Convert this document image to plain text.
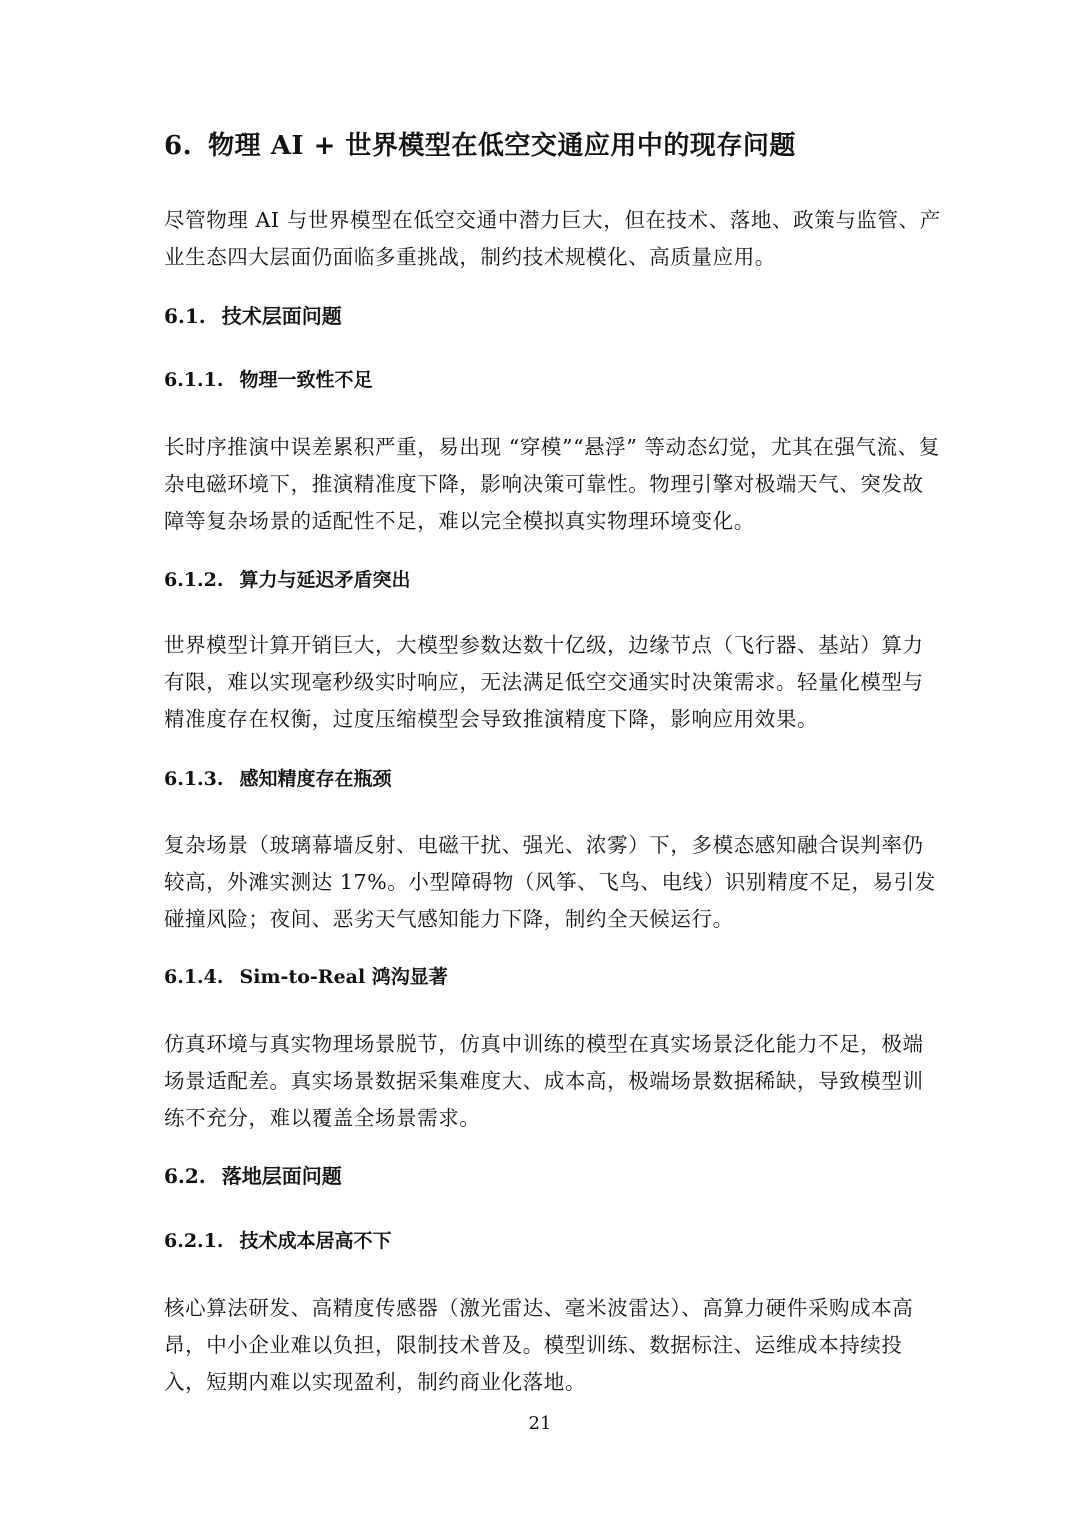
6. 物理 AI + 世界模型在低空交通应用中的现存问题

尽管物理 AI 与世界模型在低空交通中潜力巨大，但在技术、落地、政策与监管、产业生态四大层面仍面临多重挑战，制约技术规模化、高质量应用。

6.1. 技术层面问题
6.1.1. 物理一致性不足

长时序推演中误差累积严重，易出现 “穿模”“悬浮” 等动态幻觉，尤其在强气流、复杂电磁环境下，推演精准度下降，影响决策可靠性。物理引擎对极端天气、突发故障等复杂场景的适配性不足，难以完全模拟真实物理环境变化。

6.1.2. 算力与延迟矛盾突出

世界模型计算开销巨大，大模型参数达数十亿级，边缘节点（飞行器、基站）算力有限，难以实现毫秒级实时响应，无法满足低空交通实时决策需求。轻量化模型与精准度存在权衡，过度压缩模型会导致推演精度下降，影响应用效果。

6.1.3. 感知精度存在瓶颈

复杂场景（玻璃幕墙反射、电磁干扰、强光、浓雾）下，多模态感知融合误判率仍较高，外滩实测达 17%。小型障碍物（风筝、飞鸟、电线）识别精度不足，易引发碰撞风险；夜间、恶劣天气感知能力下降，制约全天候运行。

6.1.4. Sim-to-Real 鸿沟显著

仿真环境与真实物理场景脱节，仿真中训练的模型在真实场景泛化能力不足，极端场景适配差。真实场景数据采集难度大、成本高，极端场景数据稀缺，导致模型训练不充分，难以覆盖全场景需求。

6.2. 落地层面问题
6.2.1. 技术成本居高不下

核心算法研发、高精度传感器（激光雷达、毫米波雷达）、高算力硬件采购成本高昂，中小企业难以负担，限制技术普及。模型训练、数据标注、运维成本持续投入，短期内难以实现盈利，制约商业化落地。

21
